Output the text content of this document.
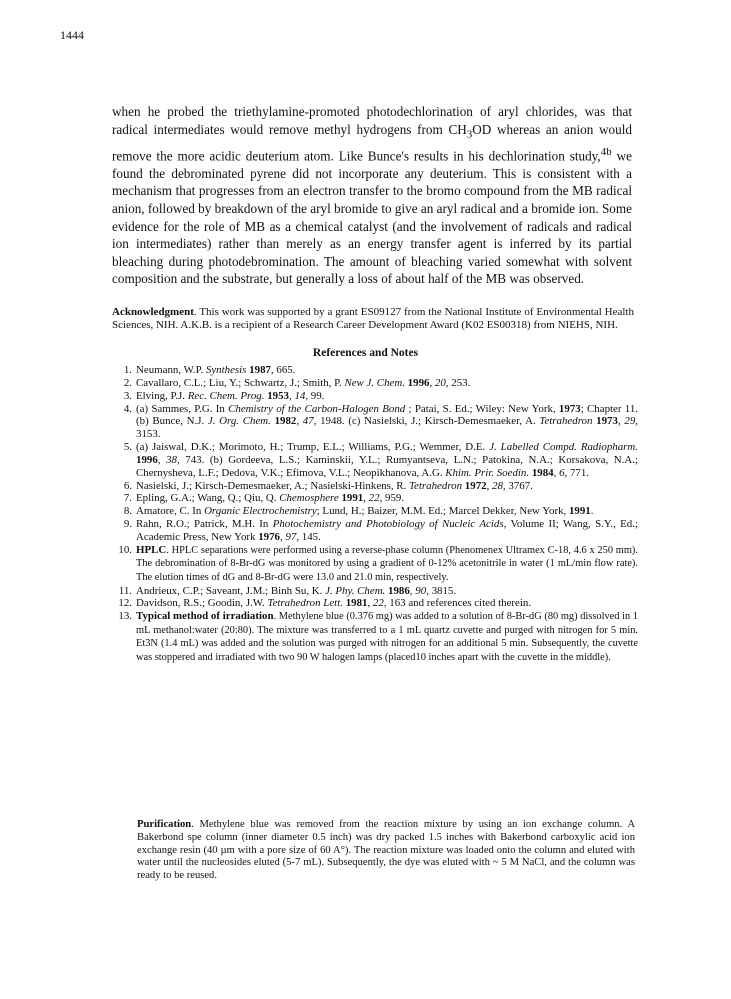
1444

when he probed the triethylamine-promoted photodechlorination of aryl chlorides, was that radical intermediates would remove methyl hydrogens from $CH_3OD$ whereas an anion would remove the more acidic deuterium atom. Like Bunce's results in his dechlorination study,$^{4b}$ we found the debrominated pyrene did not incorporate any deuterium. This is consistent with a mechanism that progresses from an electron transfer to the bromo compound from the MB radical anion, followed by breakdown of the aryl bromide to give an aryl radical and a bromide ion. Some evidence for the role of MB as a chemical catalyst (and the involvement of radicals and radical ion intermediates) rather than merely as an energy transfer agent is inferred by its partial bleaching during photodebromination. The amount of bleaching varied somewhat with solvent composition and the substrate, but generally a loss of about half of the MB was observed.

Acknowledgment. This work was supported by a grant ES09127 from the National Institute of Environmental Health Sciences, NIH. A.K.B. is a recipient of a Research Career Development Award (K02 ES00318) from NIEHS, NIH.

References and Notes
1. Neumann, W.P. Synthesis 1987, 665.
2. Cavallaro, C.L.; Liu, Y.; Schwartz, J.; Smith, P. New J. Chem. 1996, 20, 253.
3. Elving, P.J. Rec. Chem. Prog. 1953, 14, 99.
4. (a) Sammes, P.G. In Chemistry of the Carbon-Halogen Bond ; Patai, S. Ed.; Wiley: New York, 1973; Chapter 11. (b) Bunce, N.J. J. Org. Chem. 1982, 47, 1948. (c) Nasielski, J.; Kirsch-Demesmaeker, A. Tetrahedron 1973, 29, 3153.
5. (a) Jaiswal, D.K.; Morimoto, H.; Trump, E.L.; Williams, P.G.; Wemmer, D.E. J. Labelled Compd. Radiopharm. 1996, 38, 743. (b) Gordeeva, L.S.; Kaminskii, Y.L.; Rumyantseva, L.N.; Patokina, N.A.; Korsakova, N.A.; Chernysheva, L.F.; Dedova, V.K.; Efimova, V.L.; Neopikhanova, A.G. Khim. Prir. Soedin. 1984, 6, 771.
6. Nasielski, J.; Kirsch-Demesmaeker, A.; Nasielski-Hinkens, R. Tetrahedron 1972, 28, 3767.
7. Epling, G.A.; Wang, Q.; Qiu, Q. Chemosphere 1991, 22, 959.
8. Amatore, C. In Organic Electrochemistry; Lund, H.; Baizer, M.M. Ed.; Marcel Dekker, New York, 1991.
9. Rahn, R.O.; Patrick, M.H. In Photochemistry and Photobiology of Nucleic Acids, Volume II; Wang, S.Y., Ed.; Academic Press, New York 1976, 97, 145.
10. HPLC. HPLC separations were performed using a reverse-phase column (Phenomenex Ultramex C-18, 4.6 x 250 mm). The debromination of 8-Br-dG was monitored by using a gradient of 0-12% acetonitrile in water (1 mL/min flow rate). The elution times of dG and 8-Br-dG were 13.0 and 21.0 min, respectively.
11. Andrieux, C.P.; Saveant, J.M.; Binh Su, K. J. Phy. Chem. 1986, 90, 3815.
12. Davidson, R.S.; Goodin, J.W. Tetrahedron Lett. 1981, 22, 163 and references cited therein.
13. Typical method of irradiation. Methylene blue (0.376 mg) was added to a solution of 8-Br-dG (80 mg) dissolved in 1 mL methanol:water (20:80). The mixture was transferred to a 1 mL quartz cuvette and purged with nitrogen for 5 min. Et3N (1.4 mL) was added and the solution was purged with nitrogen for an additional 5 min. Subsequently, the cuvette was stoppered and irradiated with two 90 W halogen lamps (placed10 inches apart with the cuvette in the middle).

Purification. Methylene blue was removed from the reaction mixture by using an ion exchange column. A Bakerbond spe column (inner diameter 0.5 inch) was dry packed 1.5 inches with Bakerbond carboxylic acid ion exchange resin (40 µm with a pore size of 60 A°). The reaction mixture was loaded onto the column and eluted with water until the nucleosides eluted (5-7 mL). Subsequently, the dye was eluted with ~ 5 M NaCl, and the column was ready to be reused.
